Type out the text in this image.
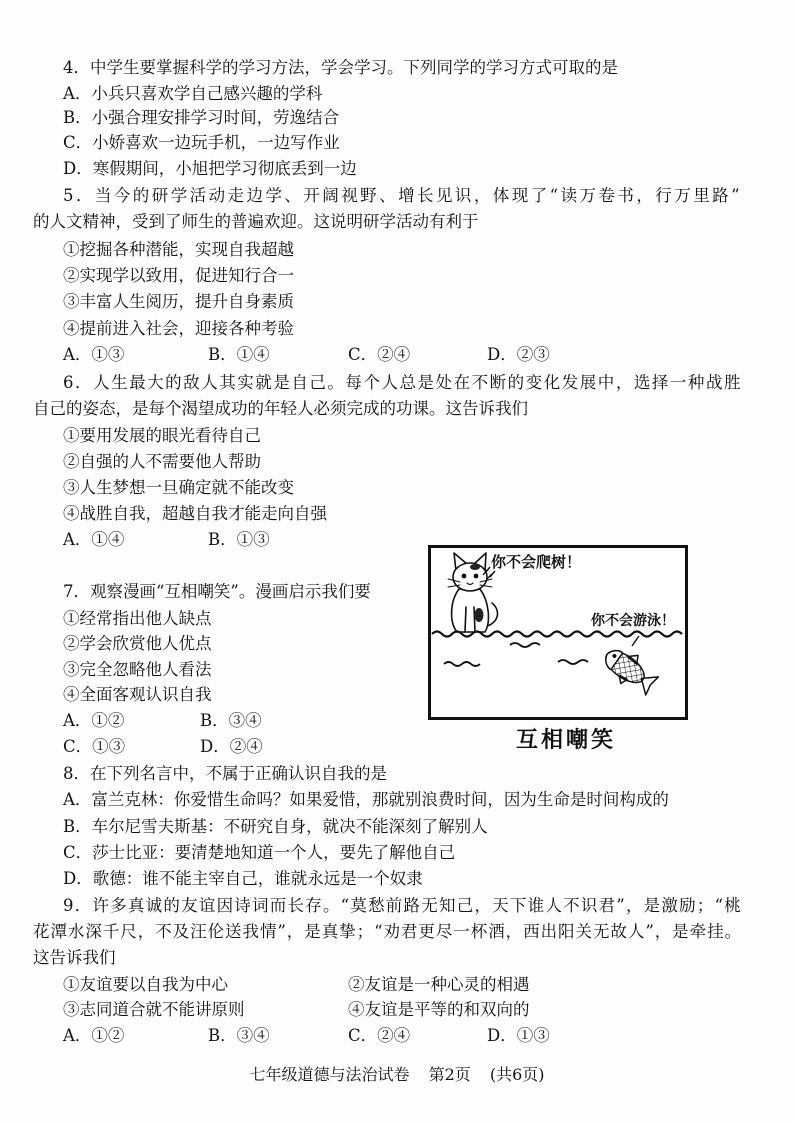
4．中学生要掌握科学的学习方法，学会学习。下列同学的学习方式可取的是
A．小兵只喜欢学自己感兴趣的学科
B．小强合理安排学习时间，劳逸结合
C．小娇喜欢一边玩手机，一边写作业
D．寒假期间，小旭把学习彻底丢到一边
5．当今的研学活动走边学、开阔视野、增长见识，体现了“读万卷书，行万里路”
的人文精神，受到了师生的普遍欢迎。这说明研学活动有利于
①挖掘各种潜能，实现自我超越
②实现学以致用，促进知行合一
③丰富人生阅历，提升自身素质
④提前进入社会，迎接各种考验
A．①③	B．①④	C．②④	D．②③
6．人生最大的敌人其实就是自己。每个人总是处在不断的变化发展中，选择一种战胜
自己的姿态，是每个渴望成功的年轻人必须完成的功课。这告诉我们
①要用发展的眼光看待自己
②自强的人不需要他人帮助
③人生梦想一旦确定就不能改变
④战胜自我，超越自我才能走向自强
A．①④	B．①③
7．观察漫画“互相嘲笑”。漫画启示我们要
①经常指出他人缺点
②学会欣赏他人优点
③完全忽略他人看法
④全面客观认识自我
A．①②	B．③④
C．①③	D．②④
你不会爬树！
你不会游泳！
互相嘲笑
8．在下列名言中，不属于正确认识自我的是
A．富兰克林：你爱惜生命吗？如果爱惜，那就别浪费时间，因为生命是时间构成的
B．车尔尼雪夫斯基：不研究自身，就决不能深刻了解别人
C．莎士比亚：要清楚地知道一个人，要先了解他自己
D．歌德：谁不能主宰自己，谁就永远是一个奴隶
9．许多真诚的友谊因诗词而长存。“莫愁前路无知己，天下谁人不识君”，是激励；“桃
花潭水深千尺，不及汪伦送我情”，是真挚；“劝君更尽一杯酒，西出阳关无故人”，是牵挂。
这告诉我们
①友谊要以自我为中心	②友谊是一种心灵的相遇
③志同道合就不能讲原则	④友谊是平等的和双向的
A．①②	B．③④	C．②④	D．①③
七年级道德与法治试卷 第2页 (共6页)
